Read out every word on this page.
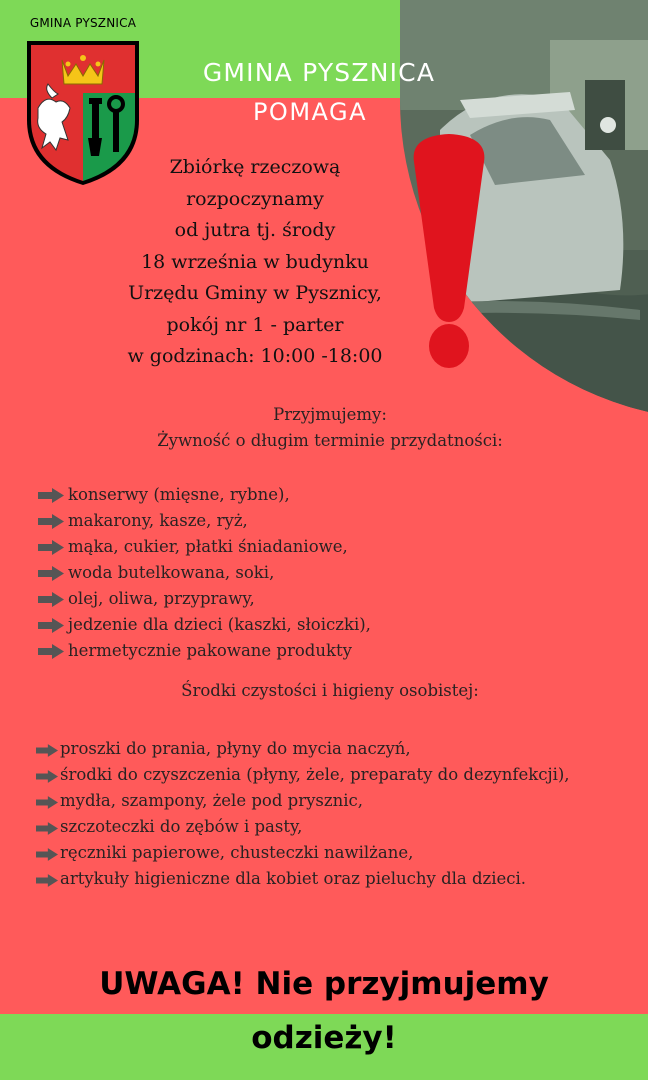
GMINA PYSZNICA
GMINA PYSZNICA
POMAGA
Zbiórkę rzeczową
rozpoczynamy
od jutra tj. środy
18 września w budynku
Urzędu Gminy w Pysznicy,
pokój nr 1 - parter
w godzinach: 10:00 -18:00
Przyjmujemy:
Żywność o długim terminie przydatności:
konserwy (mięsne, rybne),
makarony, kasze, ryż,
mąka, cukier, płatki śniadaniowe,
woda butelkowana, soki,
olej, oliwa, przyprawy,
jedzenie dla dzieci (kaszki, słoiczki),
hermetycznie pakowane produkty
Środki czystości i higieny osobistej:
proszki do prania, płyny do mycia naczyń,
środki do czyszczenia (płyny, żele, preparaty do dezynfekcji),
mydła, szampony, żele pod prysznic,
szczoteczki do zębów i pasty,
ręczniki papierowe, chusteczki nawilżane,
artykuły higieniczne dla kobiet oraz pieluchy dla dzieci.
UWAGA! Nie przyjmujemy
odzieży!
